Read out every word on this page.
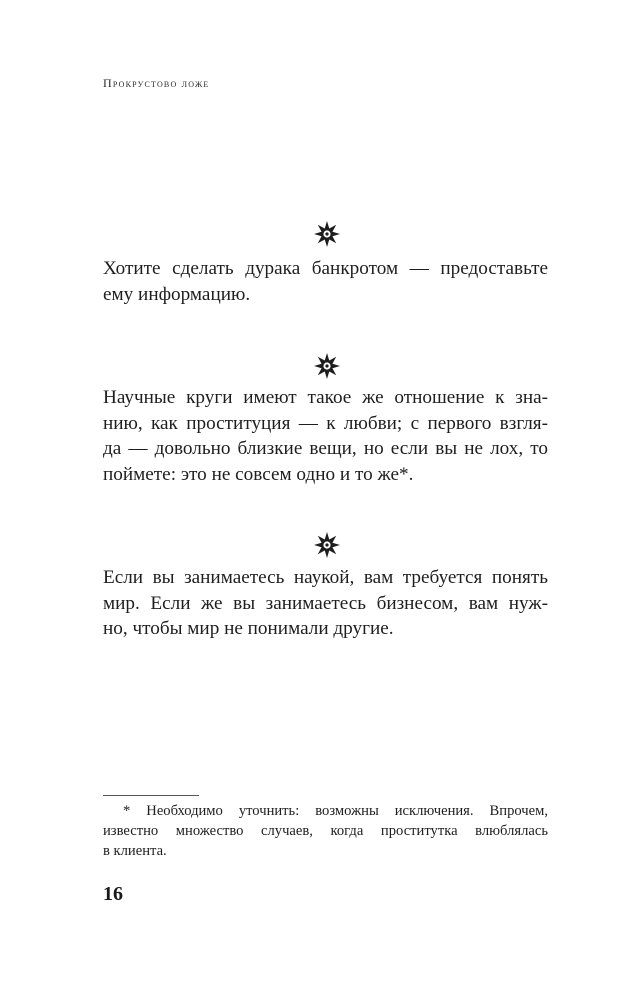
Прокрустово ложе
Хотите сделать дурака банкротом — предоставьте
ему информацию.
Научные круги имеют такое же отношение к зна-
нию, как проституция — к любви; с первого взгля-
да — довольно близкие вещи, но если вы не лох, то
поймете: это не совсем одно и то же*.
Если вы занимаетесь наукой, вам требуется понять
мир. Если же вы занимаетесь бизнесом, вам нуж-
но, чтобы мир не понимали другие.
* Необходимо уточнить: возможны исключения. Впрочем,
известно множество случаев, когда проститутка влюблялась
в клиента.
16
